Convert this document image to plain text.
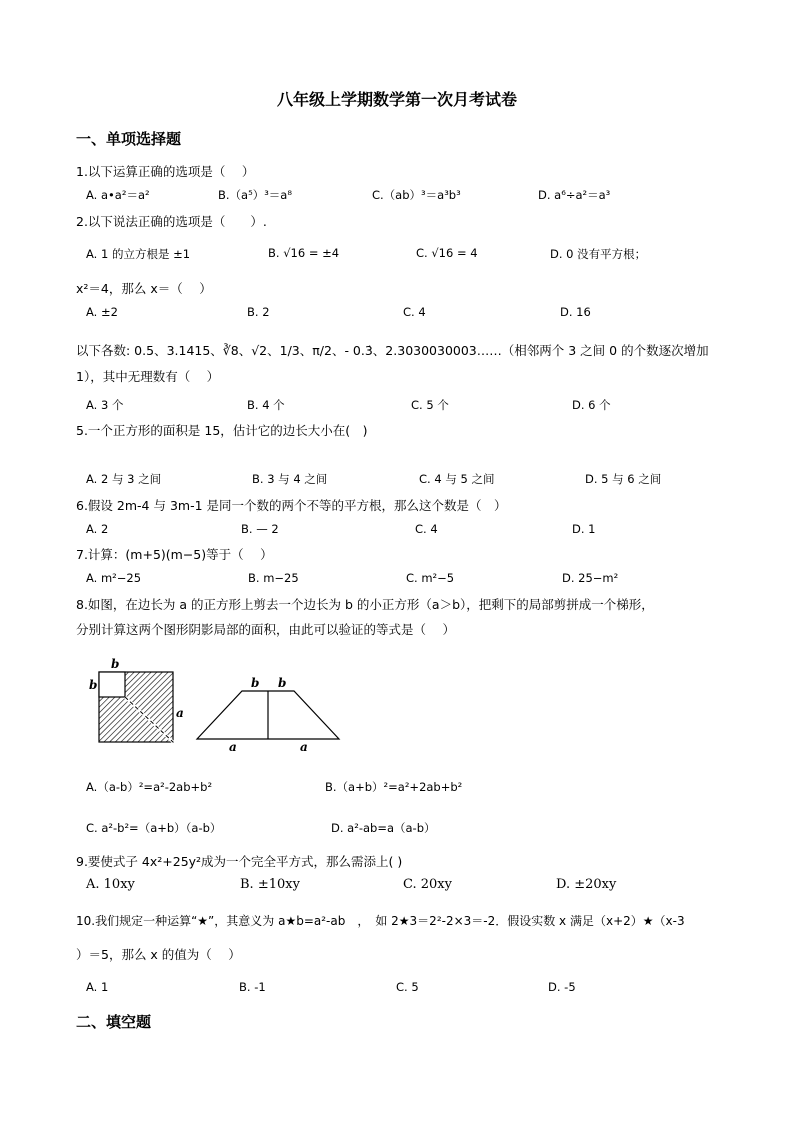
八年级上学期数学第一次月考试卷
一、单项选择题
1.以下运算正确的选项是（　 ）
A. a•a²＝a²	B.（a⁵）³＝a⁸	C.（ab）³＝a³b³	D. a⁶÷a²＝a³
2.以下说法正确的选项是（　　）.
A. 1 的立方根是 ±1	B. √16 = ±4	C. √16 = 4	D. 0 没有平方根；
x²＝4，那么 x＝（　 ）
A. ±2	B. 2	C. 4	D. 16
以下各数: 0.5、3.1415、∛8、√2、1/3、π/2、- 0.3̇、2.3030030003……（相邻两个 3 之间 0 的个数逐次增加 1），其中无理数有（　 ）
A. 3 个	B. 4 个	C. 5 个	D. 6 个
5.一个正方形的面积是 15，估计它的边长大小在(　)
A. 2 与 3 之间	B. 3 与 4 之间	C. 4 与 5 之间	D. 5 与 6 之间
6.假设 2m-4 与 3m-1 是同一个数的两个不等的平方根，那么这个数是（　）
A. 2	B. — 2	C. 4	D. 1
7.计算：(m+5)(m−5)等于（　 ）
A. m²−25	B. m−25	C. m²−5	D. 25−m²
8.如图，在边长为 a 的正方形上剪去一个边长为 b 的小正方形（a＞b），把剩下的局部剪拼成一个梯形，
分别计算这两个图形阴影局部的面积，由此可以验证的等式是（　 ）
b
b
a
b b
a	a
A.（a-b）²=a²-2ab+b²	B.（a+b）²=a²+2ab+b²
C. a²-b²=（a+b）（a-b）	D. a²-ab=a（a-b）
9.要使式子 4x²+25y²成为一个完全平方式，那么需添上( )
A. 10xy	B. ±10xy	C. 20xy	D. ±20xy
10.我们规定一种运算“★”，其意义为 a★b=a²-ab　，　如 2★3＝2²-2×3＝-2．假设实数 x 满足（x+2）★（x-3
）＝5，那么 x 的值为（　 ）
A. 1	B. -1	C. 5	D. -5
二、填空题
